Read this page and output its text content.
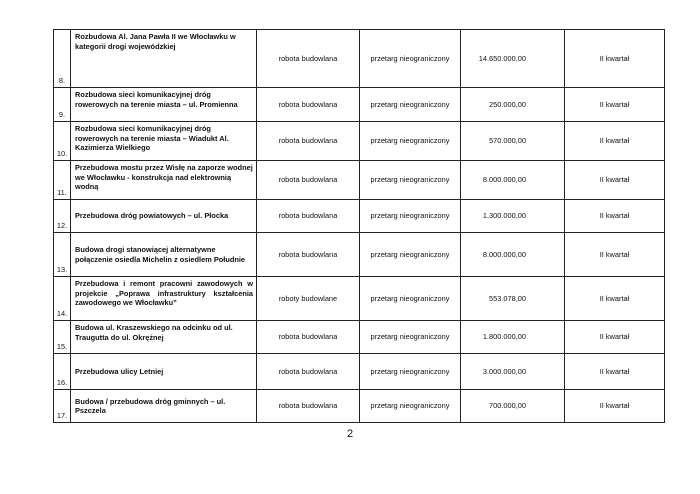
8.	Rozbudowa Al. Jana Pawła II we Włocławku w kategorii drogi wojewódzkiej	robota budowlana	przetarg nieograniczony	14.650.000,00	II kwartał
9.	Rozbudowa sieci komunikacyjnej dróg rowerowych na terenie miasta – ul. Promienna	robota budowlana	przetarg nieograniczony	250.000,00	II kwartał
10.	Rozbudowa sieci komunikacyjnej dróg rowerowych na terenie miasta – Wiadukt Al. Kazimierza Wielkiego	robota budowlana	przetarg nieograniczony	570.000,00	II kwartał
11.	Przebudowa mostu przez Wisłę na zaporze wodnej we Włocławku - konstrukcja nad elektrownią wodną	robota budowlana	przetarg nieograniczony	8.000.000,00	II kwartał
12.	Przebudowa dróg powiatowych – ul. Płocka	robota budowlana	przetarg nieograniczony	1.300.000,00	II kwartał
13.	Budowa drogi stanowiącej alternatywne połączenie osiedla Michelin z osiedlem Południe	robota budowlana	przetarg nieograniczony	8.000.000,00	II kwartał
14.	Przebudowa i remont pracowni zawodowych w projekcie „Poprawa infrastruktury kształcenia zawodowego we Włocławku”	roboty budowlane	przetarg nieograniczony	553.078,00	II kwartał
15.	Budowa ul. Kraszewskiego na odcinku od ul. Traugutta do ul. Okrężnej	robota budowlana	przetarg nieograniczony	1.800.000,00	II kwartał
16.	Przebudowa ulicy Letniej	robota budowlana	przetarg nieograniczony	3.000.000,00	II kwartał
17.	Budowa / przebudowa dróg gminnych – ul. Pszczela	robota budowlana	przetarg nieograniczony	700.000,00	II kwartał
2
